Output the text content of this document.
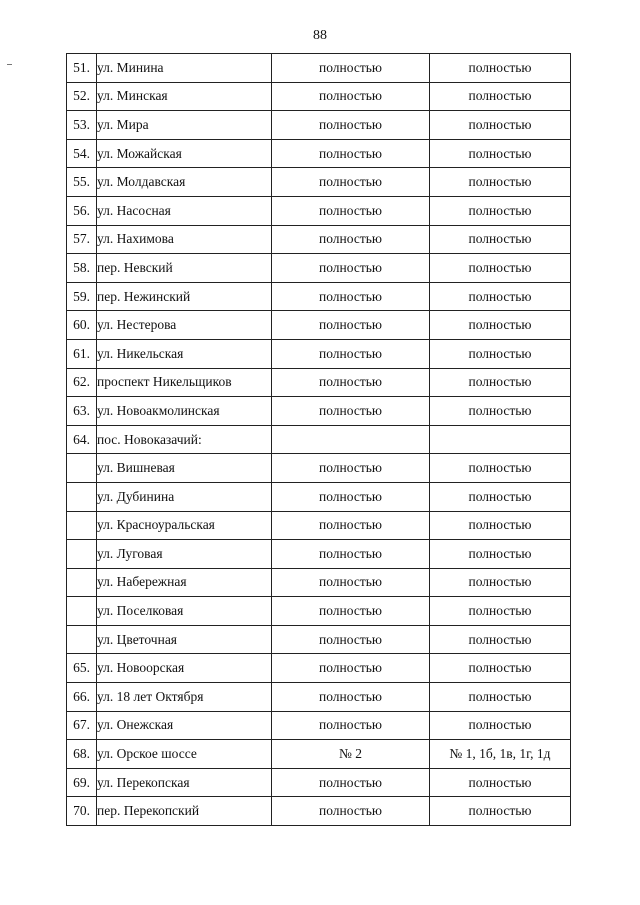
88
51.	ул. Минина	полностью	полностью
52.	ул. Минская	полностью	полностью
53.	ул. Мира	полностью	полностью
54.	ул. Можайская	полностью	полностью
55.	ул. Молдавская	полностью	полностью
56.	ул. Насосная	полностью	полностью
57.	ул. Нахимова	полностью	полностью
58.	пер. Невский	полностью	полностью
59.	пер. Нежинский	полностью	полностью
60.	ул. Нестерова	полностью	полностью
61.	ул. Никельская	полностью	полностью
62.	проспект Никельщиков	полностью	полностью
63.	ул. Новоакмолинская	полностью	полностью
64.	пос. Новоказачий:		
	ул. Вишневая	полностью	полностью
	ул. Дубинина	полностью	полностью
	ул. Красноуральская	полностью	полностью
	ул. Луговая	полностью	полностью
	ул. Набережная	полностью	полностью
	ул. Поселковая	полностью	полностью
	ул. Цветочная	полностью	полностью
65.	ул. Новоорская	полностью	полностью
66.	ул. 18 лет Октября	полностью	полностью
67.	ул. Онежская	полностью	полностью
68.	ул. Орское шоссе	№ 2	№ 1, 1б, 1в, 1г, 1д
69.	ул. Перекопская	полностью	полностью
70.	пер. Перекопский	полностью	полностью
